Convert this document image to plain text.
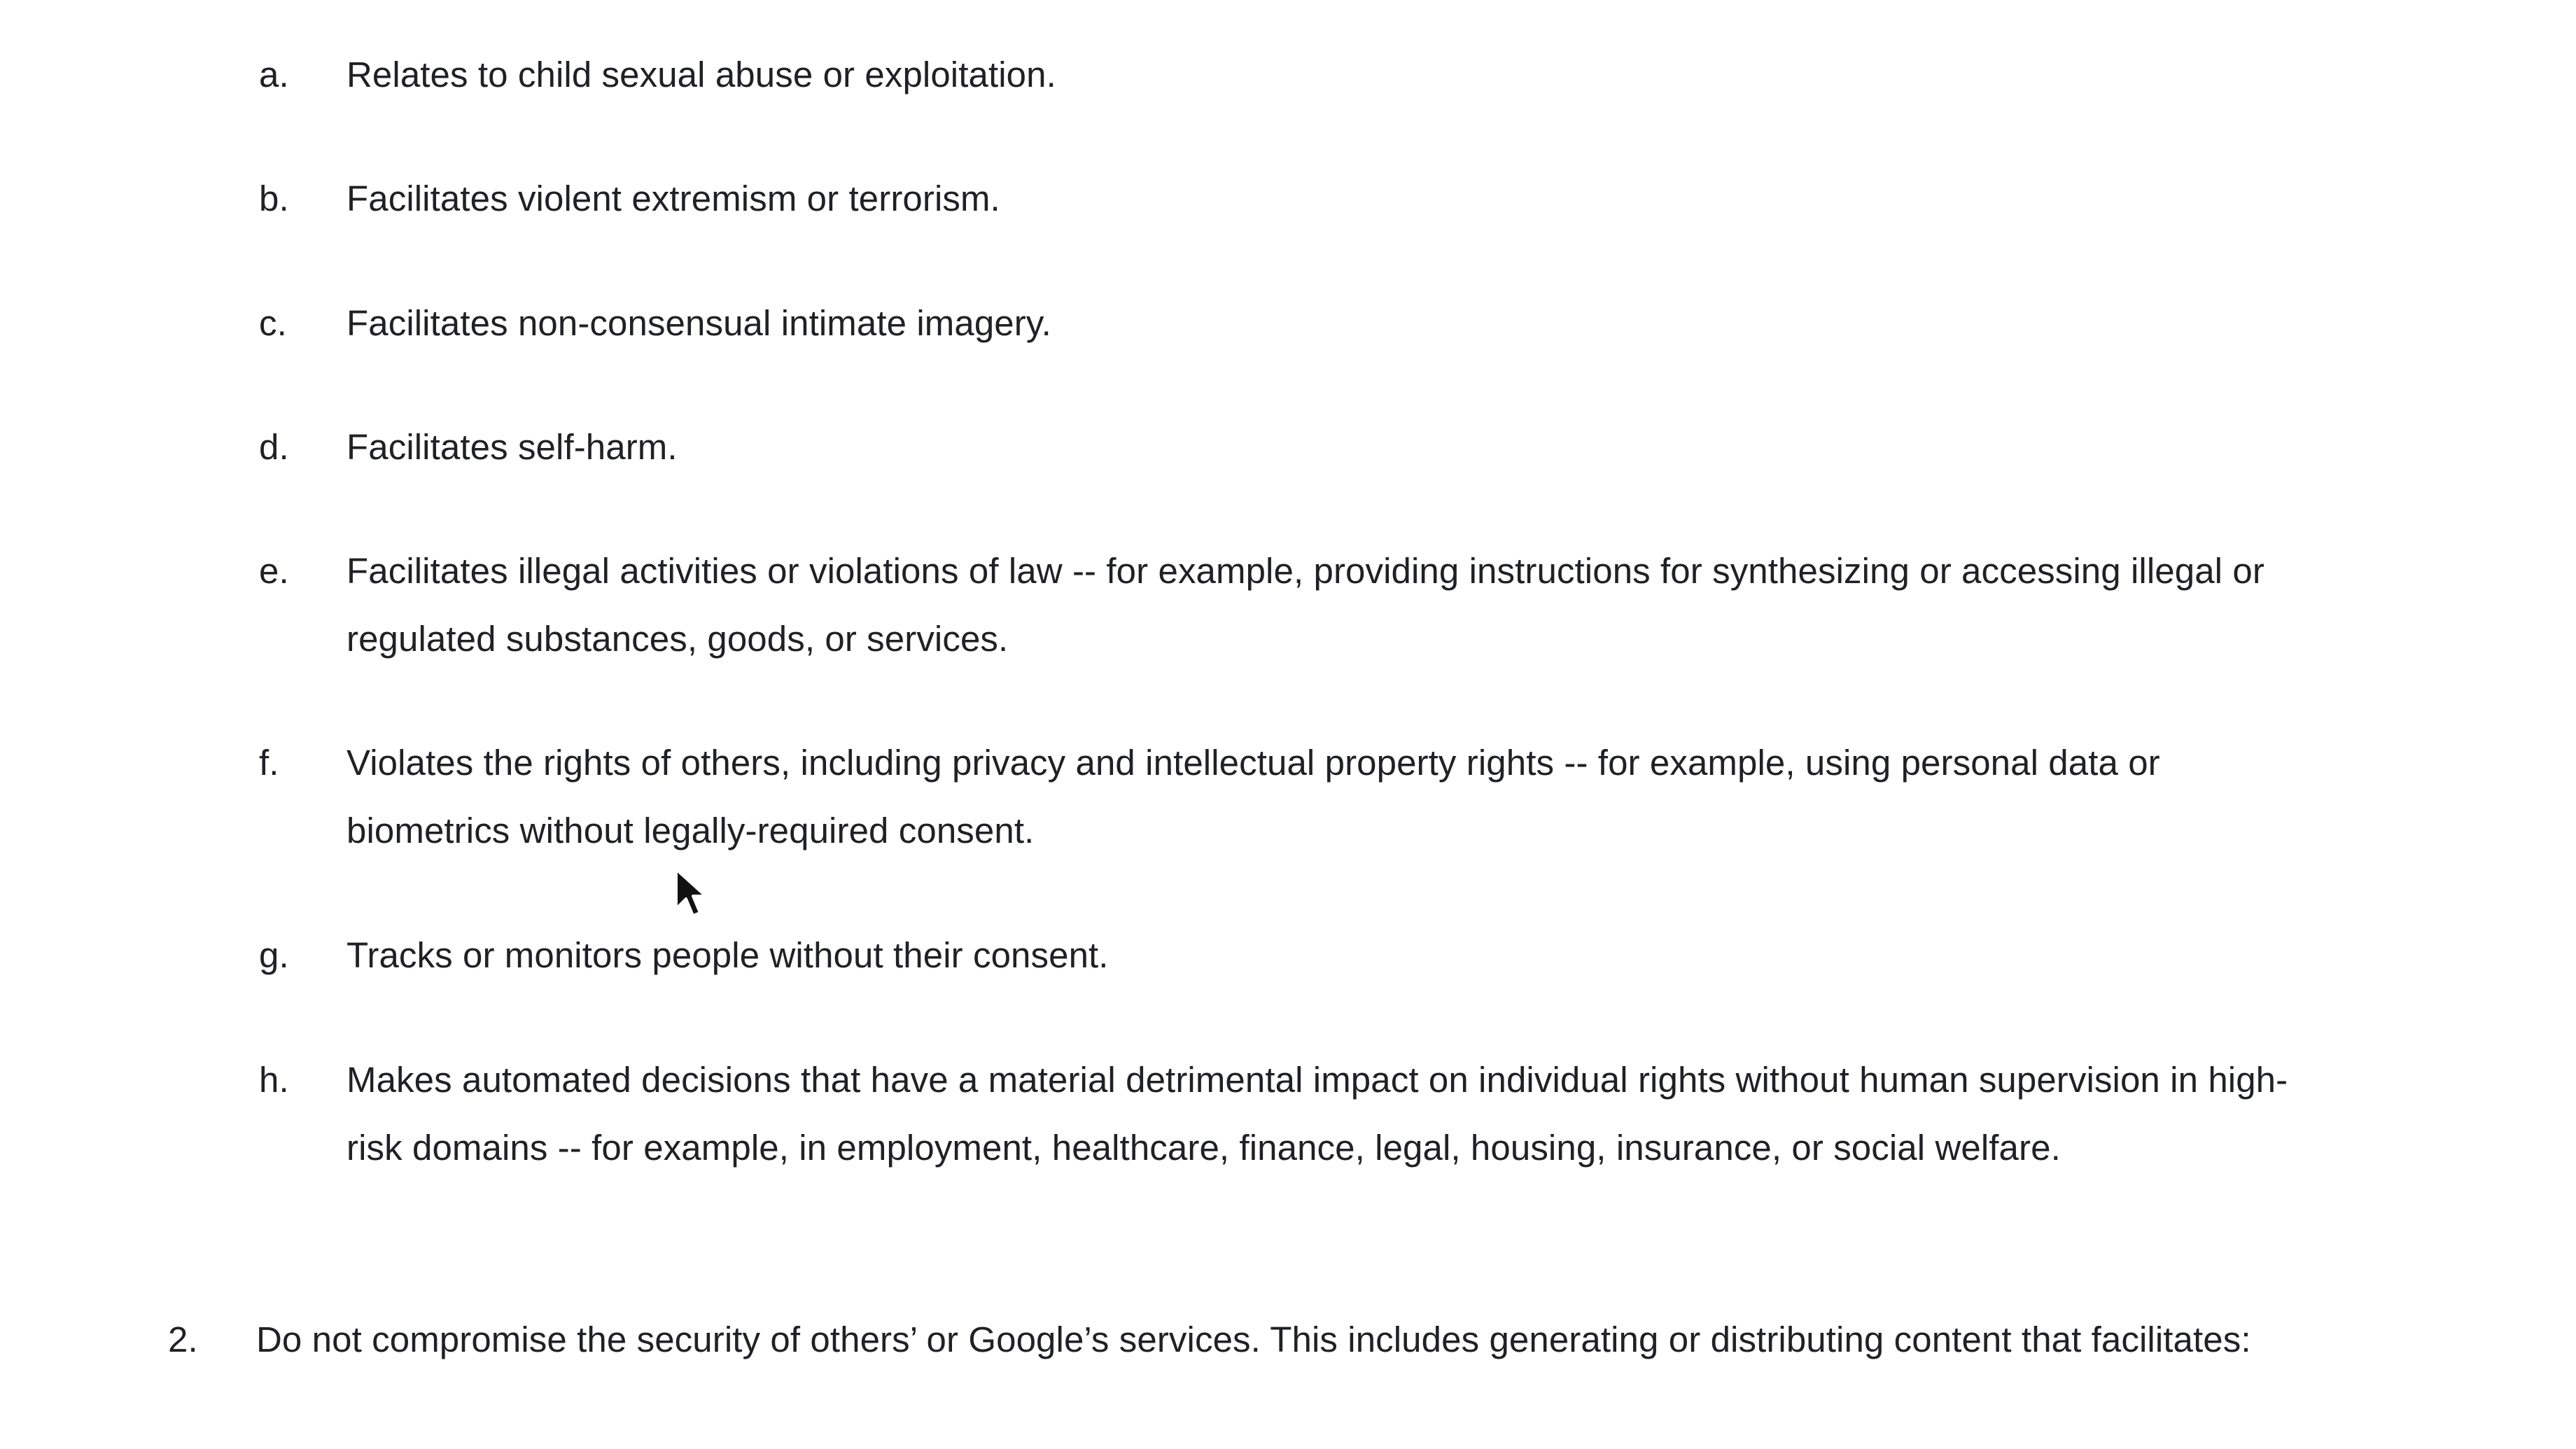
a.	Relates to child sexual abuse or exploitation.
b.	Facilitates violent extremism or terrorism.
c.	Facilitates non-consensual intimate imagery.
d.	Facilitates self-harm.
e.	Facilitates illegal activities or violations of law -- for example, providing instructions for synthesizing or accessing illegal or regulated substances, goods, or services.
f.	Violates the rights of others, including privacy and intellectual property rights -- for example, using personal data or biometrics without legally-required consent.
g.	Tracks or monitors people without their consent.
h.	Makes automated decisions that have a material detrimental impact on individual rights without human supervision in high-risk domains -- for example, in employment, healthcare, finance, legal, housing, insurance, or social welfare.
2.	Do not compromise the security of others’ or Google’s services. This includes generating or distributing content that facilitates:
